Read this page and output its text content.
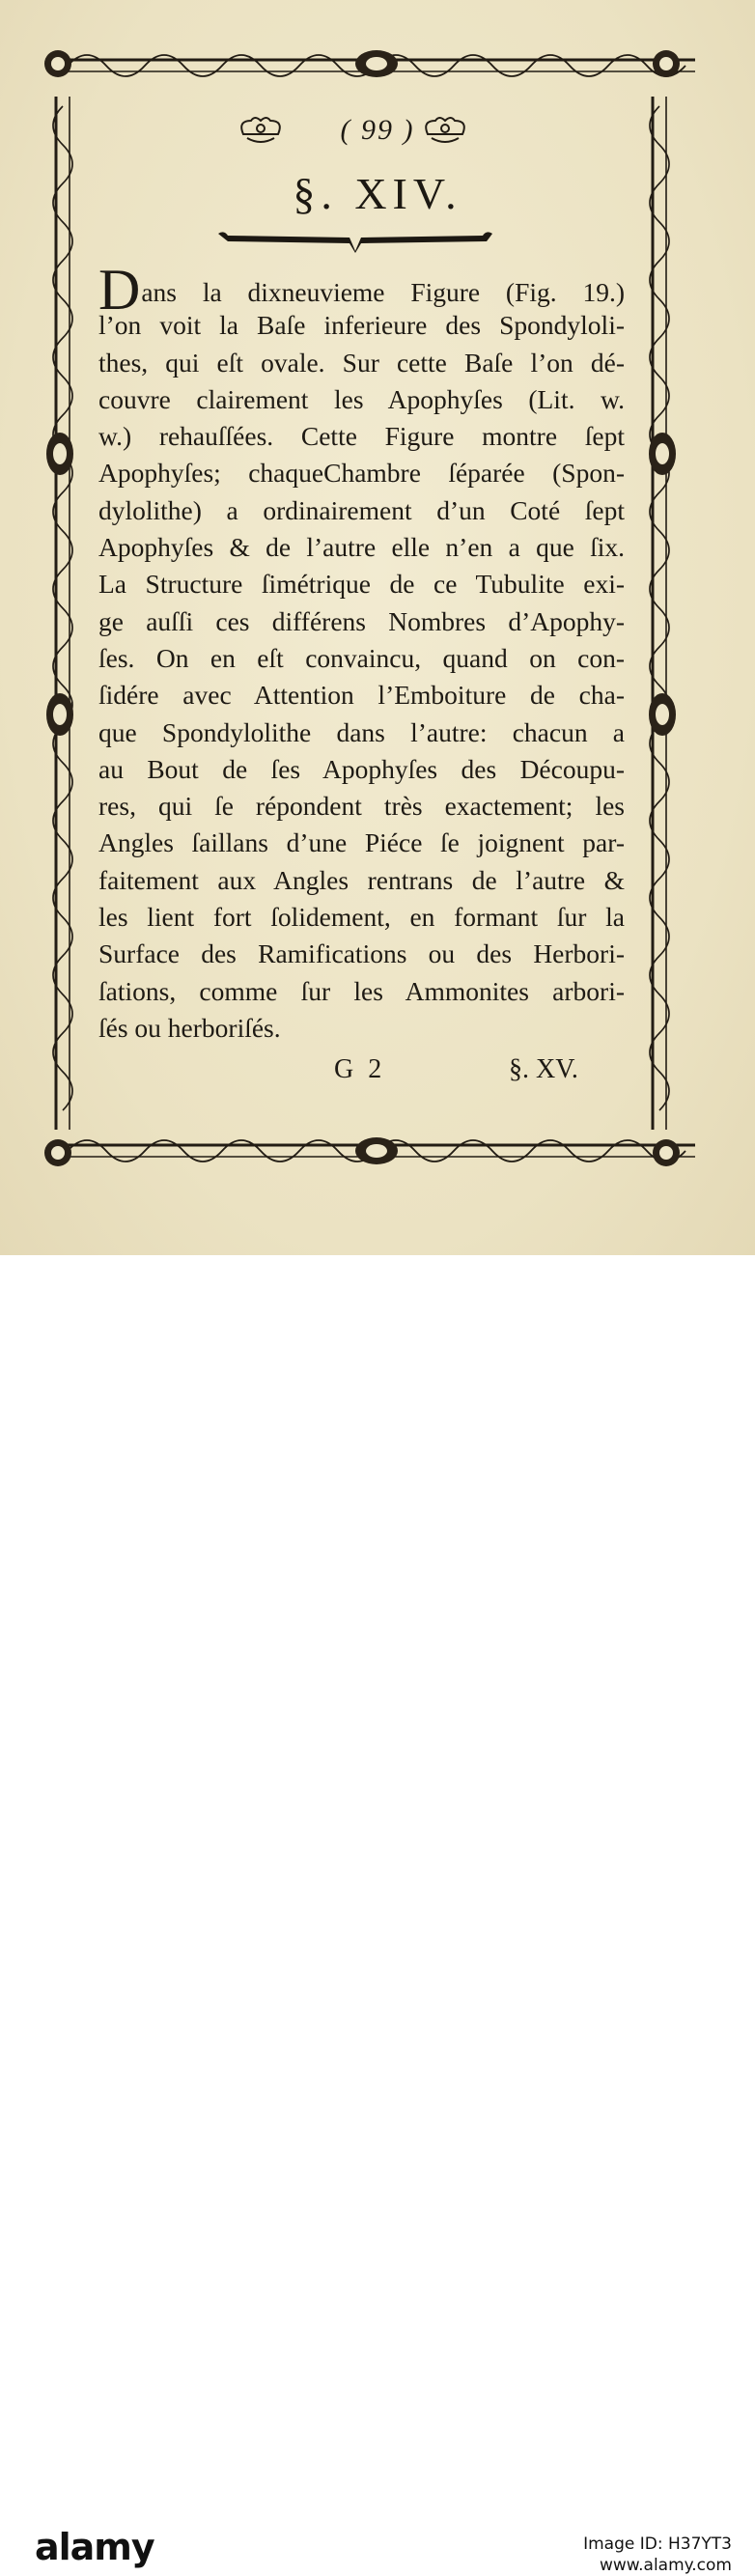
( 99 )
§. XIV.
Dans la dixneuvieme Figure (Fig. 19.)
l’on voit la Baſe inferieure des Spondyloli-
thes, qui eſt ovale. Sur cette Baſe l’on dé-
couvre clairement les Apophyſes (Lit. w.
w.) rehauſſées. Cette Figure montre ſept
Apophyſes; chaqueChambre ſéparée (Spon-
dylolithe) a ordinairement d’un Coté ſept
Apophyſes & de l’autre elle n’en a que ſix.
La Structure ſimétrique de ce Tubulite exi-
ge auſſi ces différens Nombres d’Apophy-
ſes. On en eſt convaincu, quand on con-
ſidére avec Attention l’Emboiture de cha-
que Spondylolithe dans l’autre: chacun a
au Bout de ſes Apophyſes des Découpu-
res, qui ſe répondent très exactement; les
Angles ſaillans d’une Piéce ſe joignent par-
faitement aux Angles rentrans de l’autre &
les lient fort ſolidement, en formant ſur la
Surface des Ramifications ou des Herbori-
ſations, comme ſur les Ammonites arbori-
ſés ou herboriſés.
G 2	§. XV.
alamy	Image ID: H37YT3
www.alamy.com
